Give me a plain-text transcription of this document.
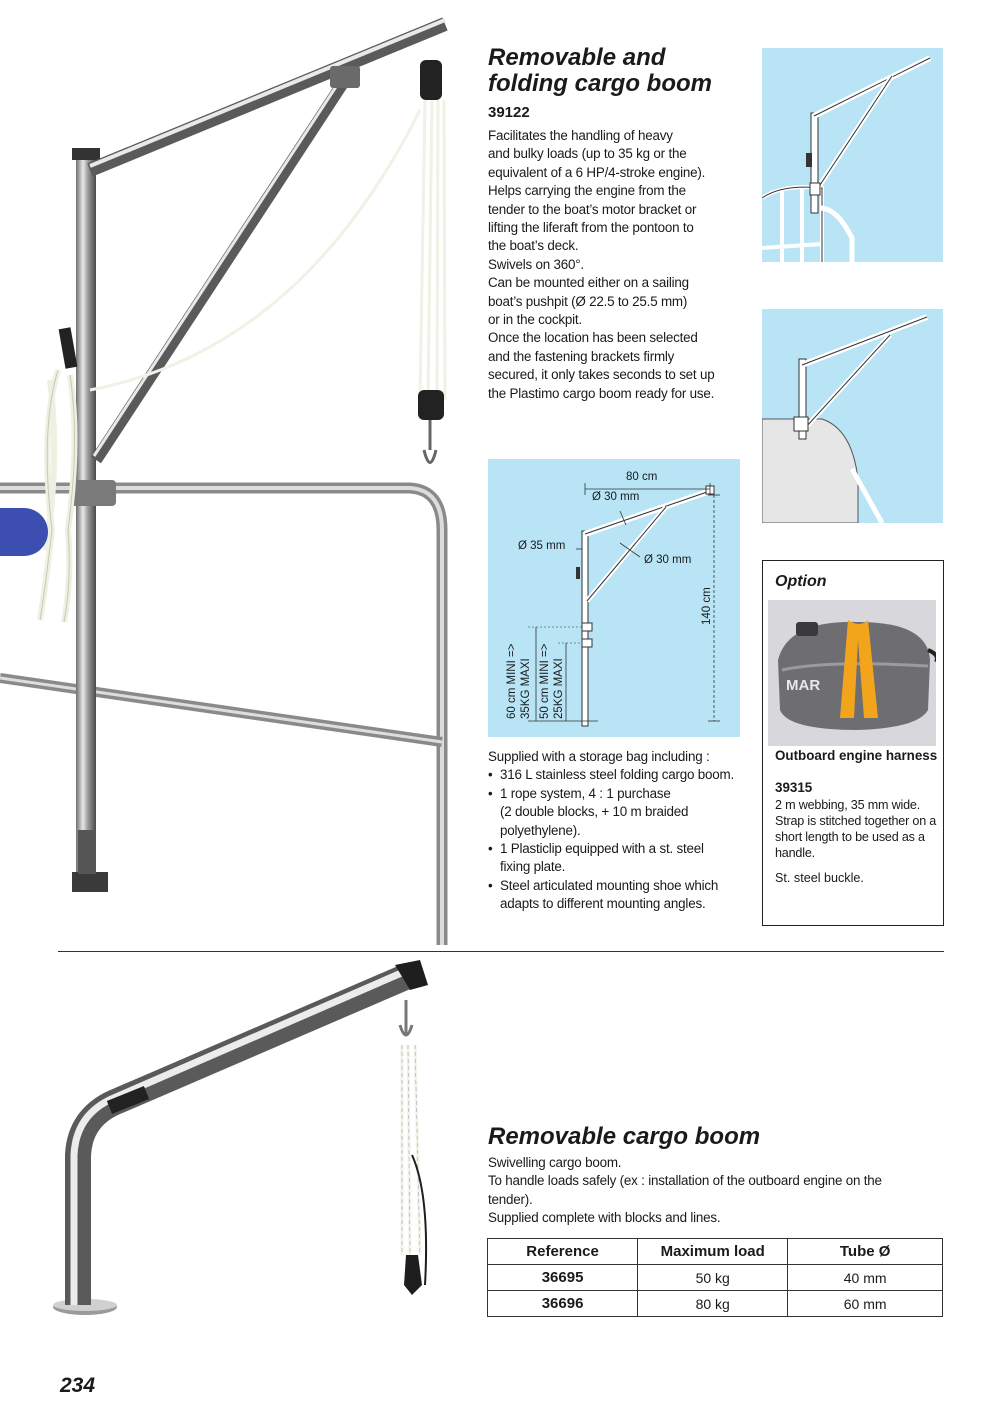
Removable and
folding cargo boom
39122

Facilitates the handling of heavy

and bulky loads (up to 35 kg or the

equivalent of a 6 HP/4-stroke engine).

Helps carrying the engine from the

tender to the boat’s motor bracket or

lifting the liferaft from the pontoon to

the boat’s deck.

Swivels on 360°.

Can be mounted either on a sailing

boat’s pushpit (Ø 22.5 to 25.5 mm)

or in the cockpit.

Once the location has been selected

and the fastening brackets firmly

secured, it only takes seconds to set up

the Plastimo cargo boom ready for use.

80 cm
Ø 30 mm
Ø 35 mm
Ø 30 mm
140 cm
60 cm MINI => 35KG MAXI 50 cm MINI => 25KG MAXI

Supplied with a storage bag including :

• 316 L stainless steel folding cargo boom.
• 1 rope system, 4 : 1 purchase
(2 double blocks, + 10 m braided
polyethylene).
• 1 Plasticlip equipped with a st. steel
fixing plate.
• Steel articulated mounting shoe which
adapts to different mounting angles.
Option
MAR
Outboard engine harness
39315
2 m webbing, 35 mm wide. Strap is stitched together on a short length to be used as a handle.
St. steel buckle.
Removable cargo boom

Swivelling cargo boom.

To handle loads safely (ex : installation of the outboard engine on the

tender).

Supplied complete with blocks and lines.

Reference	Maximum load	Tube Ø
36695	50 kg	40 mm
36696	80 kg	60 mm
234
